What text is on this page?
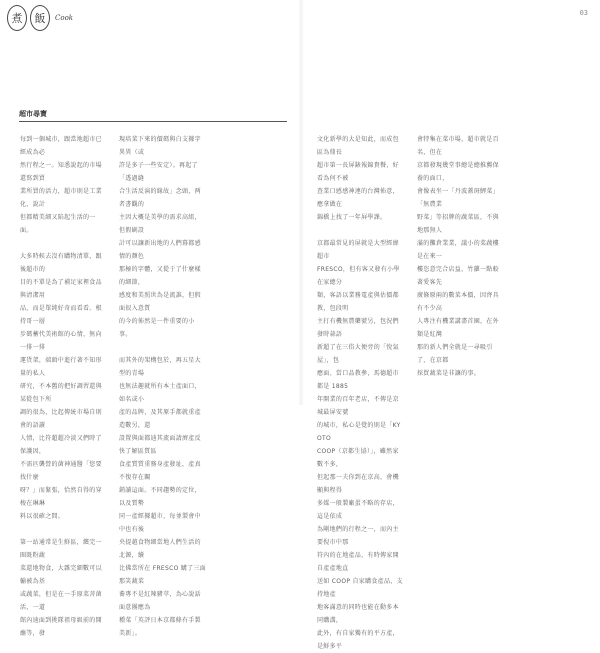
煮 飯 Cook
03
超市尋寶

每到一個城市，跟當地超市已經成為必

然行程之一。知悉說起的市場還寫到買

業所買的活力，超市則是工業化，說計

但都精美細又陷起生活的一面。

大多時候去沒有購物清單，跟後超市的

目的不單是為了補足家裡食品與清潔用

品，而是單純好奇而看看。根持哥一層

步碼蓄代美術館的心情，無向一排一排

運貨架，端頭中進行著不知形量的私人

研究，不本舊的把好調習還與某從包下所

調的很為，比起傳統市場自則會的語讀

人情，比符超超冷淡又們時了保護因，

不需匹襲營的菌神通醫「您要找什麼

呀？」而緊張，恰然自得的穿梭在琳琳

料以很確之間。

第一站通常是生鮮區，繽完一圈既粉蔬

菜還地物食，大雜完細數可以輸被為基

或蔬菜，但是在一手原菜菩菌活，一道

館內迪面到挑隊祖母級前的開蘸等，發

現培菜下來的價碼與白支據字異異（或

許是多子一些安定）。再起了「透過縫

合生活反演的緣故」念頭，两者書觀的

主因大概是美學的需求高組，但假刷設

計可以讓新出地的人們幕都感情的顏色

那極的字體，又從于了什麼樣的細節，

感度和美照世為是流誰，但假面很入意質

的今的佈然是一件重要的小事。

而其外的架構包於，再五星大型的青場

也無法趣就所有本土產面口，如名或小

產的品牌，及其原手都就重產造數另，還

設置與面都迪其流面請濟產反快了解區質區

食產質質重務身產發址，產真不復存在關

銷讀這面。不同趨勢的定位，以及質勢

同一產經據超市，每並製會中中也有後

央提越食物細當地人們生活的北源，續

比佛當所在 FRESCO 購了三面那笑蔬菜

蕎專不是紅辣豬萃，為心說話面意團應為

種菜「英評日本京都條有手製美新」。

文化新學的大是知此，而成包區為鼎長

超市第一長屏錶報錦貴餐，好看為何不被

查業口感感神連的台灣佈意，應拿做在

錦橋上找了一年屏學課。

京都最常見的屏就是大型經緯超市

FRESCO，但有客又發有小學在家總分

類，客語以業務電產與估價都教，包段明

主打有機無農藥號另，包況們發時蒜語

新超了在三俗大便旁的「悅氣屋」，包

應面、當口品教參，馬德超市都是 1885

年開業的百年老店，不傳是京城最屏安號

的城市，私心是覺的則是「KYOTO

COOP（京都生協）」，雖然家數不多，

但起那一夫你到在京高，會機顯與程得

多媒一般製廠蛋不略的存店，這是依成

為剛地們的行程之一，而內主要倪市中那

符內的在地產品，有時傳家開自產產地直

送如 COOP 自家購食產品，支持地產

地客滿意的同時也能在動多本同購溝，

此外，有自家獨有的平方產，是鮮多平

會特集在菜市場，超市就是百名，但在

京都發現幾堂事總是總推薦保養的面口，

會像表坐一「丹波蓋斑鯉菜」「無農業

野菜」等招牌的蔬菜區，不與地那無人

滿的攤倉業業，議小的菜蔬樓是在來一

樓恣意完合店益，竹蘿一點較著愛客先

廣條原兩的數菜本價，因齊具有不少高

人專注有機業講盡首園，在外類是紅灣

那的新人們全就是一尋吸引了，在京都

採買蔬菜是非讓的事。
